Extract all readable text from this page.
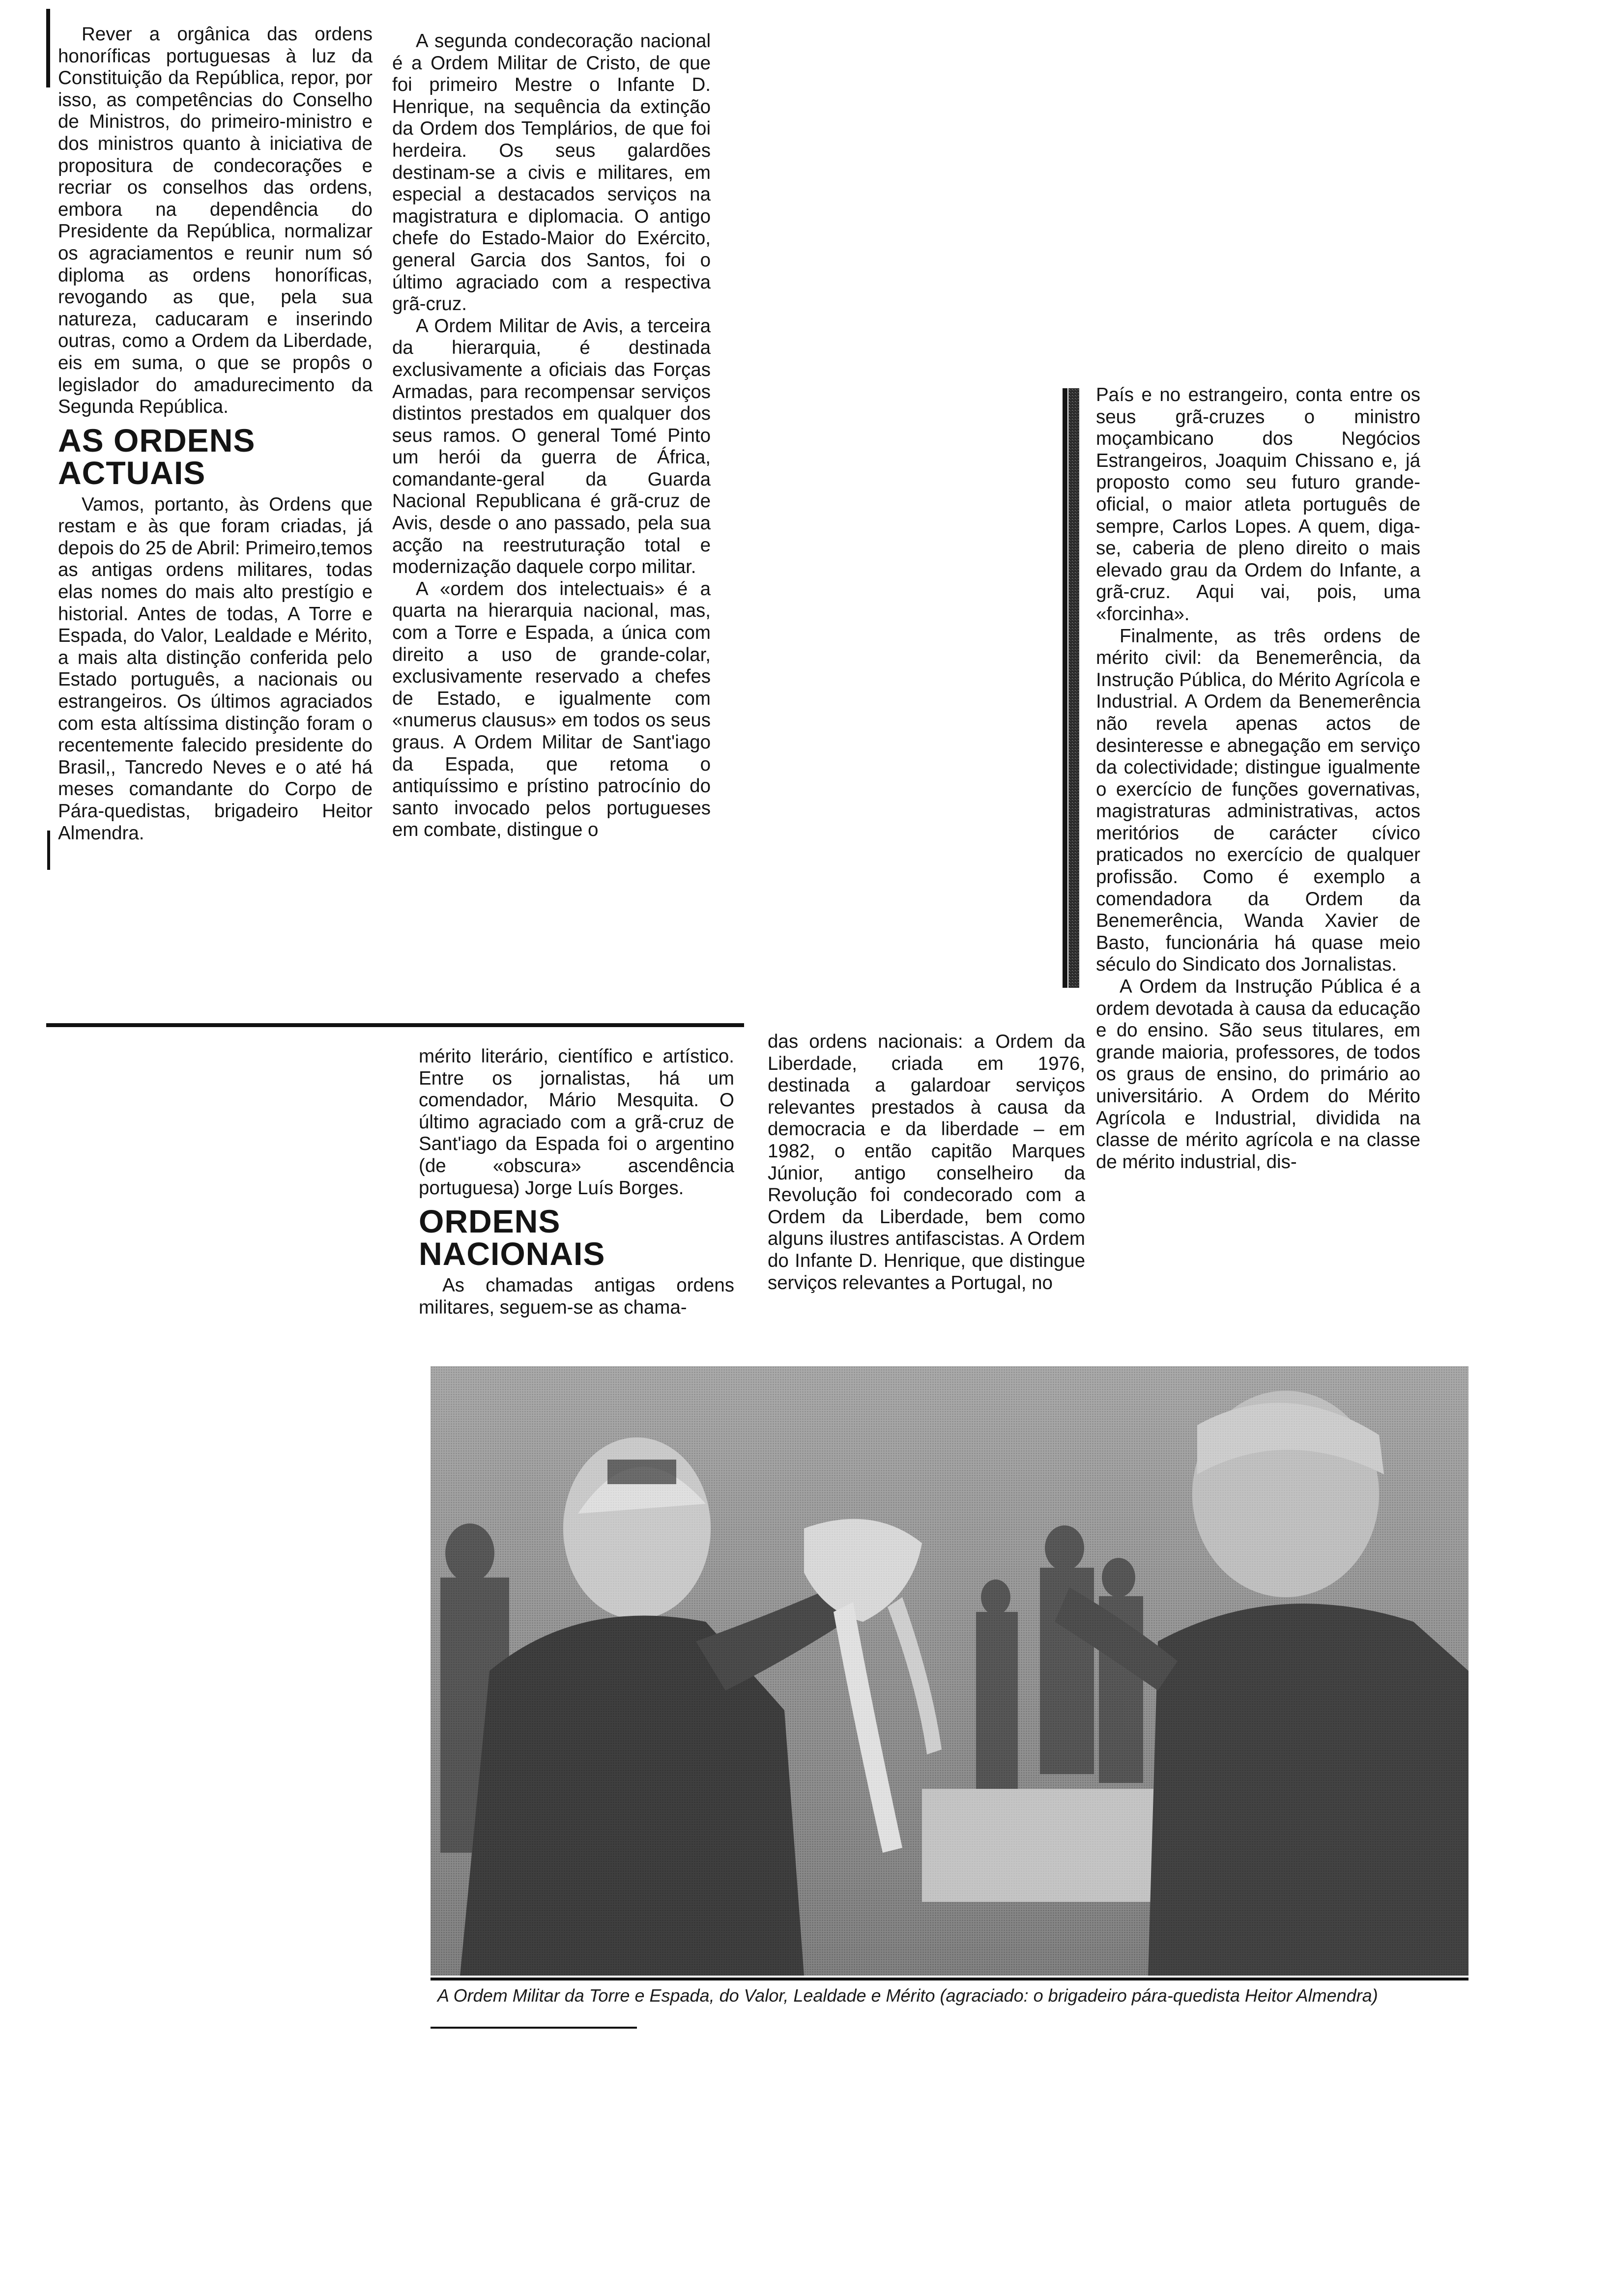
Rever a orgânica das ordens honoríficas portuguesas à luz da Constituição da República, repor, por isso, as competências do Conselho de Ministros, do primeiro-ministro e dos ministros quanto à iniciativa de propositura de condecorações e recriar os conselhos das ordens, embora na dependência do Presidente da República, normalizar os agraciamentos e reunir num só diploma as ordens honoríficas, revogando as que, pela sua natureza, caducaram e inserindo outras, como a Ordem da Liberdade, eis em suma, o que se propôs o legislador do amadurecimento da Segunda República.

AS ORDENS ACTUAIS

Vamos, portanto, às Ordens que restam e às que foram criadas, já depois do 25 de Abril: Primeiro,temos as antigas ordens militares, todas elas nomes do mais alto prestígio e historial. Antes de todas, A Torre e Espada, do Valor, Lealdade e Mérito, a mais alta distinção conferida pelo Estado português, a nacionais ou estrangeiros. Os últimos agraciados com esta altíssima distinção foram o recentemente falecido presidente do Brasil,, Tancredo Neves e o até há meses comandante do Corpo de Pára-quedistas, brigadeiro Heitor Almendra.

A segunda condecoração nacional é a Ordem Militar de Cristo, de que foi primeiro Mestre o Infante D. Henrique, na sequência da extinção da Ordem dos Templários, de que foi herdeira. Os seus galardões destinam-se a civis e militares, em especial a destacados serviços na magistratura e diplomacia. O antigo chefe do Estado-Maior do Exército, general Garcia dos Santos, foi o último agraciado com a respectiva grã-cruz.

A Ordem Militar de Avis, a terceira da hierarquia, é destinada exclusivamente a oficiais das Forças Armadas, para recompensar serviços distintos prestados em qualquer dos seus ramos. O general Tomé Pinto um herói da guerra de África, comandante-geral da Guarda Nacional Republicana é grã-cruz de Avis, desde o ano passado, pela sua acção na reestruturação total e modernização daquele corpo militar.

A «ordem dos intelectuais» é a quarta na hierarquia nacional, mas, com a Torre e Espada, a única com direito a uso de grande-colar, exclusivamente reservado a chefes de Estado, e igualmente com «numerus clausus» em todos os seus graus. A Ordem Militar de Sant'iago da Espada, que retoma o antiquíssimo e prístino patrocínio do santo invocado pelos portugueses em combate, distingue o

mérito literário, científico e artístico. Entre os jornalistas, há um comendador, Mário Mesquita. O último agraciado com a grã-cruz de Sant'iago da Espada foi o argentino (de «obscura» ascendência portuguesa) Jorge Luís Borges.

ORDENS NACIONAIS

As chamadas antigas ordens militares, seguem-se as chama-

das ordens nacionais: a Ordem da Liberdade, criada em 1976, destinada a galardoar serviços relevantes prestados à causa da democracia e da liberdade – em 1982, o então capitão Marques Júnior, antigo conselheiro da Revolução foi condecorado com a Ordem da Liberdade, bem como alguns ilustres antifascistas. A Ordem do Infante D. Henrique, que distingue serviços relevantes a Portugal, no

País e no estrangeiro, conta entre os seus grã-cruzes o ministro moçambicano dos Negócios Estrangeiros, Joaquim Chissano e, já proposto como seu futuro grande-oficial, o maior atleta português de sempre, Carlos Lopes. A quem, diga-se, caberia de pleno direito o mais elevado grau da Ordem do Infante, a grã-cruz. Aqui vai, pois, uma «forcinha».

Finalmente, as três ordens de mérito civil: da Benemerência, da Instrução Pública, do Mérito Agrícola e Industrial. A Ordem da Benemerência não revela apenas actos de desinteresse e abnegação em serviço da colectividade; distingue igualmente o exercício de funções governativas, magistraturas administrativas, actos meritórios de carácter cívico praticados no exercício de qualquer profissão. Como é exemplo a comendadora da Ordem da Benemerência, Wanda Xavier de Basto, funcionária há quase meio século do Sindicato dos Jornalistas.

A Ordem da Instrução Pública é a ordem devotada à causa da educação e do ensino. São seus titulares, em grande maioria, professores, de todos os graus de ensino, do primário ao universitário. A Ordem do Mérito Agrícola e Industrial, dividida na classe de mérito agrícola e na classe de mérito industrial, dis-

A Ordem Militar da Torre e Espada, do Valor, Lealdade e Mérito (agraciado: o brigadeiro pára-quedista Heitor Almendra)
